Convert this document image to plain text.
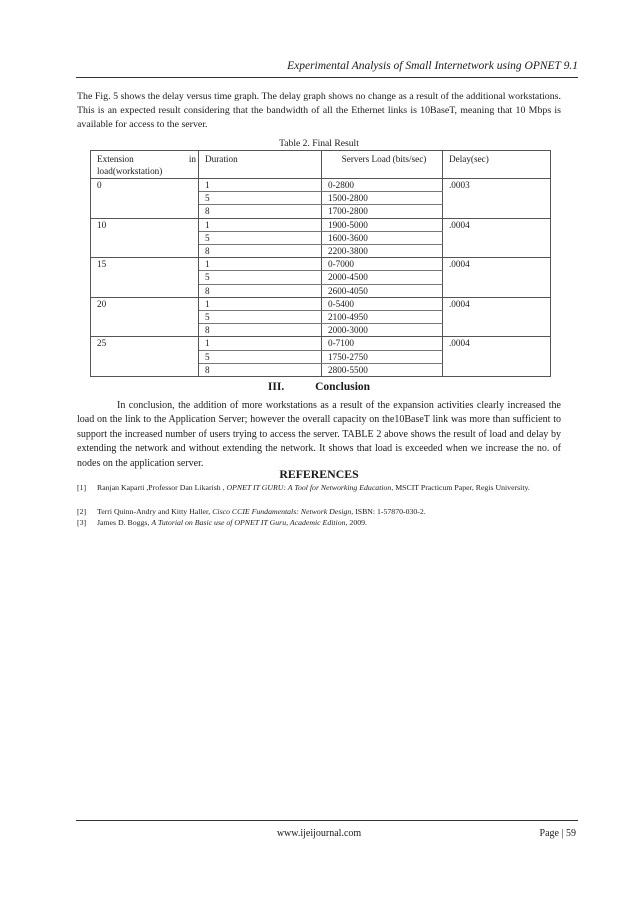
Experimental Analysis of Small Internetwork using OPNET 9.1
The Fig. 5 shows the delay versus time graph. The delay graph shows no change as a result of the additional workstations. This is an expected result considering that the bandwidth of all the Ethernet links is 10BaseT, meaning that 10 Mbps is available for access to the server.
Table 2. Final Result
Extension in
load(workstation)	Duration	Servers Load (bits/sec)	Delay(sec)
0	1	0-2800	.0003
	5	1500-2800	
	8	1700-2800	
10	1	1900-5000	.0004
	5	1600-3600	
	8	2200-3800	
15	1	0-7000	.0004
	5	2000-4500	
	8	2600-4050	
20	1	0-5400	.0004
	5	2100-4950	
	8	2000-3000	
25	1	0-7100	.0004
	5	1750-2750	
	8	2800-5500	
III.	Conclusion
In conclusion, the addition of more workstations as a result of the expansion activities clearly increased the load on the link to the Application Server; however the overall capacity on the10BaseT link was more than sufficient to support the increased number of users trying to access the server. TABLE 2 above shows the result of load and delay by extending the network and without extending the network. It shows that load is exceeded when we increase the no. of nodes on the application server.
REFERENCES
[1]	Ranjan Kaparti ,Professor Dan Likarish , OPNET IT GURU: A Tool for Networking Education, MSCIT Practicum Paper, Regis University.
[2]	Terri Quinn-Andry and Kitty Haller, Cisco CCIE Fundamentals: Network Design, ISBN: 1-57870-030-2.
[3]	James D. Boggs, A Tutorial on Basic use of OPNET IT Guru, Academic Edition, 2009.
www.ijeijournal.com	Page | 59
